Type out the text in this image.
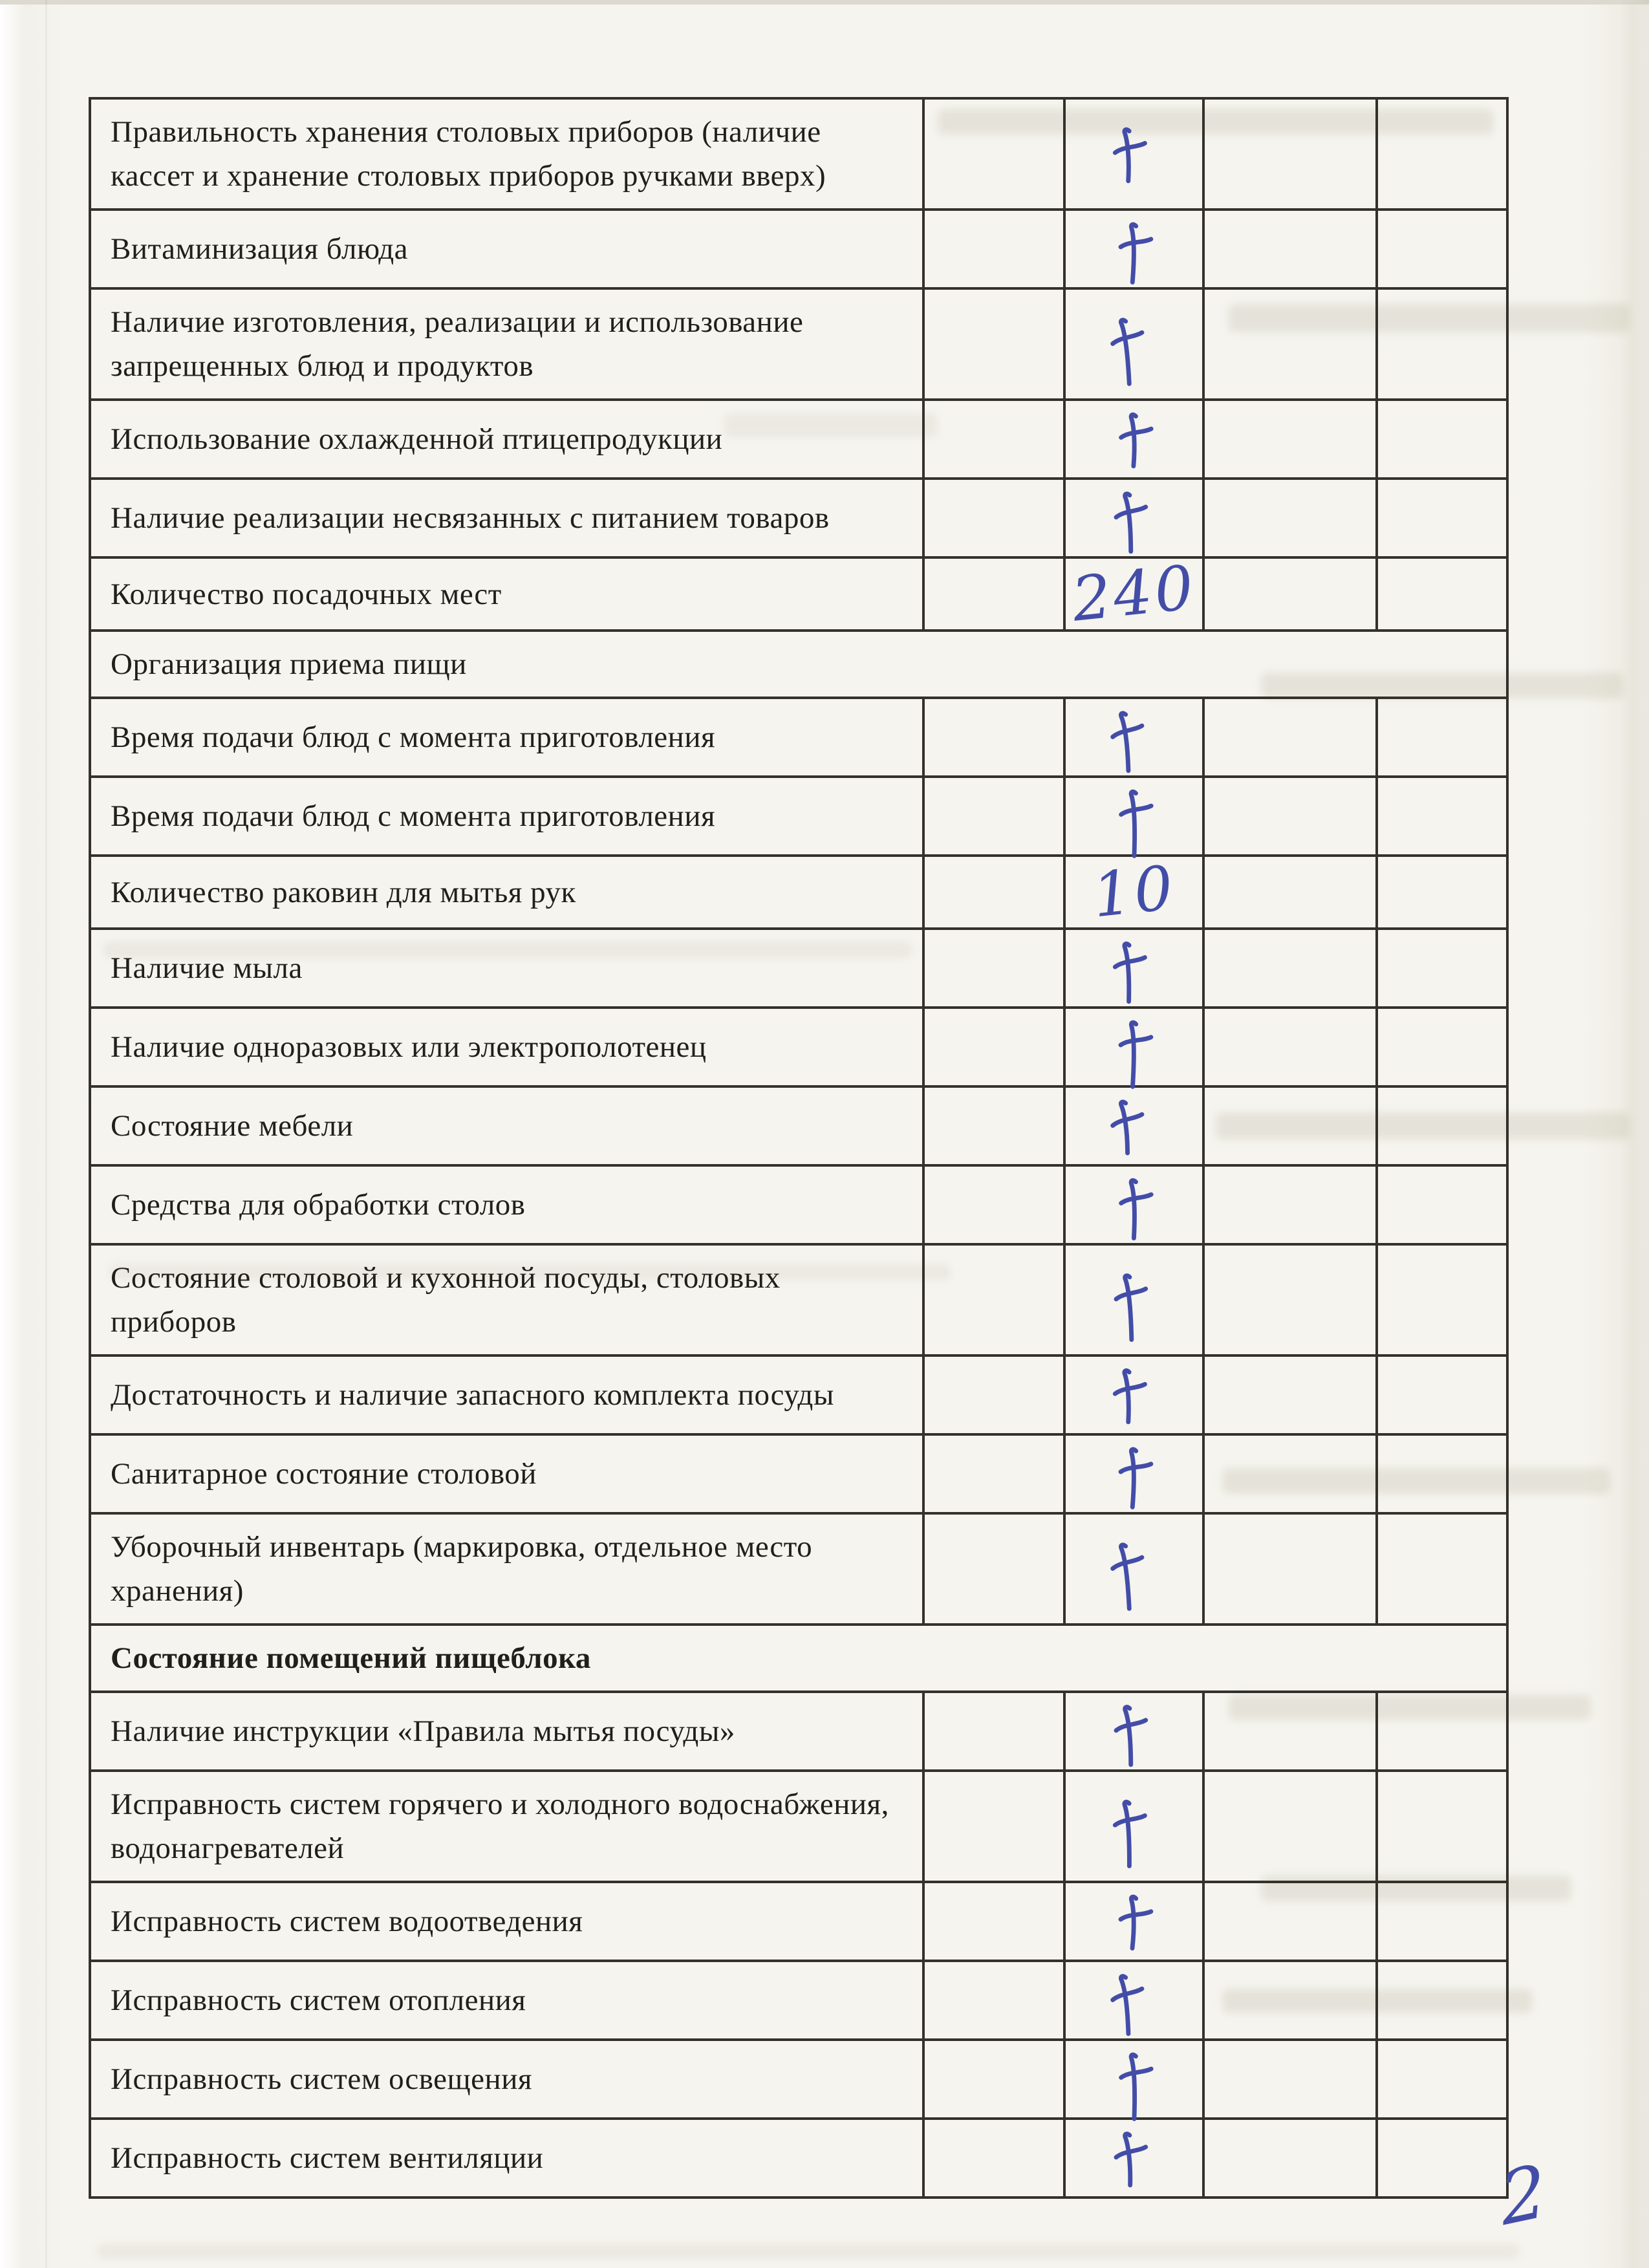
Правильность хранения столовых приборов (наличие кассет и хранение столовых приборов ручками вверх)
Витаминизация блюда
Наличие изготовления, реализации и использование запрещенных блюд и продуктов
Использование охлажденной птицепродукции
Наличие реализации несвязанных с питанием товаров
Количество посадочных мест	240
Организация приема пищи
Время подачи блюд с момента приготовления
Время подачи блюд с момента приготовления
Количество раковин для мытья рук	10
Наличие мыла
Наличие одноразовых или электрополотенец
Состояние мебели
Средства для обработки столов
Состояние столовой и кухонной посуды, столовых приборов
Достаточность и наличие запасного комплекта посуды
Санитарное состояние столовой
Уборочный инвентарь (маркировка, отдельное место хранения)
Состояние помещений пищеблока
Наличие инструкции «Правила мытья посуды»
Исправность систем горячего и холодного водоснабжения, водонагревателей
Исправность систем водоотведения
Исправность систем отопления
Исправность систем освещения
Исправность систем вентиляции	2
